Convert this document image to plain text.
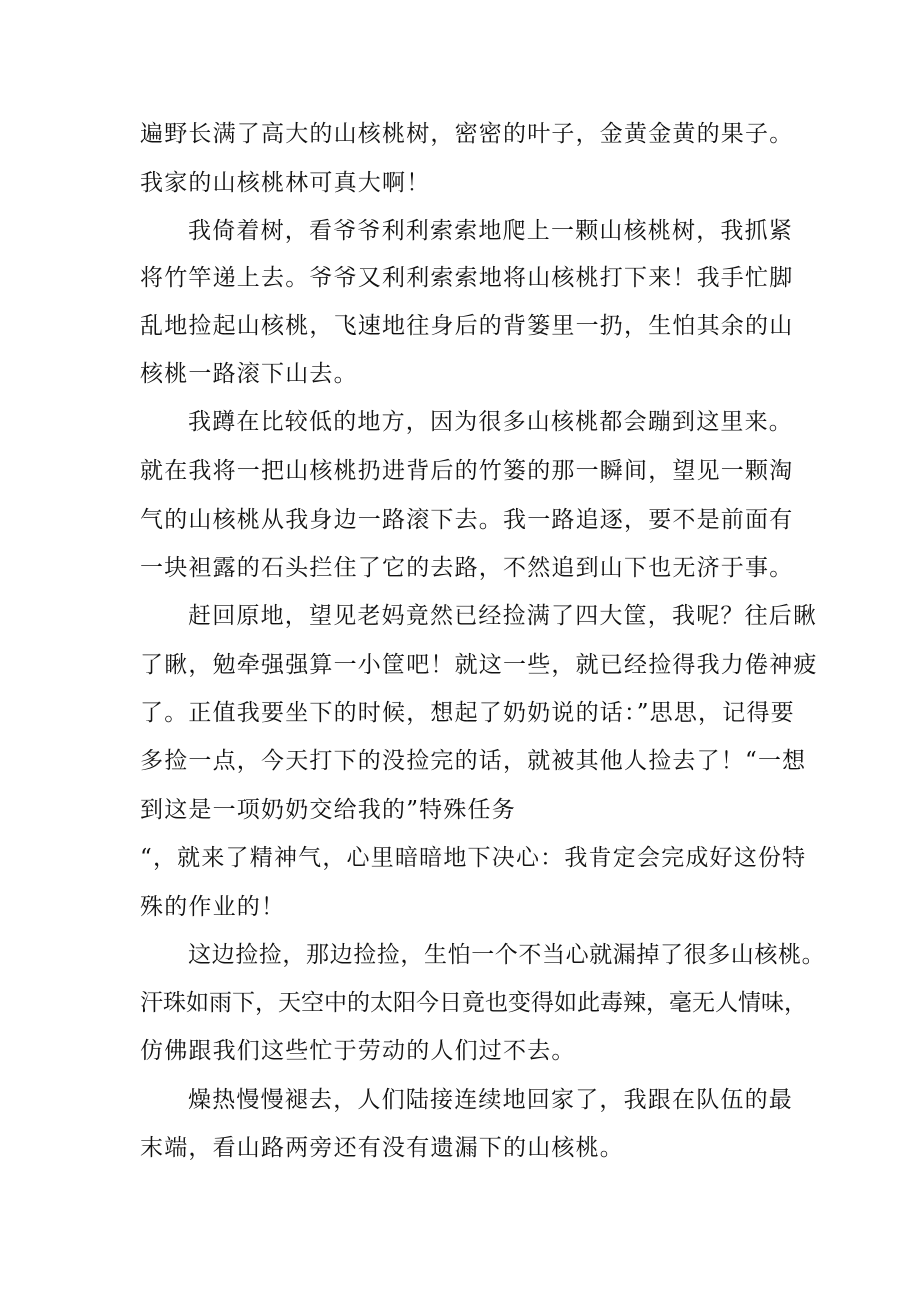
遍野长满了高大的山核桃树，密密的叶子，金黄金黄的果子。
我家的山核桃林可真大啊！
我倚着树，看爷爷利利索索地爬上一颗山核桃树，我抓紧
将竹竿递上去。爷爷又利利索索地将山核桃打下来！我手忙脚
乱地捡起山核桃，飞速地往身后的背篓里一扔，生怕其余的山
核桃一路滚下山去。
我蹲在比较低的地方，因为很多山核桃都会蹦到这里来。
就在我将一把山核桃扔进背后的竹篓的那一瞬间，望见一颗淘
气的山核桃从我身边一路滚下去。我一路追逐，要不是前面有
一块袒露的石头拦住了它的去路，不然追到山下也无济于事。
赶回原地，望见老妈竟然已经捡满了四大筐，我呢？往后瞅
了瞅，勉牵强强算一小筐吧！就这一些，就已经捡得我力倦神疲
了。正值我要坐下的时候，想起了奶奶说的话：”思思，记得要
多捡一点，今天打下的没捡完的话，就被其他人捡去了！“一想
到这是一项奶奶交给我的”特殊任务
“，就来了精神气，心里暗暗地下决心：我肯定会完成好这份特
殊的作业的！
这边捡捡，那边捡捡，生怕一个不当心就漏掉了很多山核桃。
汗珠如雨下，天空中的太阳今日竟也变得如此毒辣，毫无人情味，
仿佛跟我们这些忙于劳动的人们过不去。
燥热慢慢褪去，人们陆接连续地回家了，我跟在队伍的最
末端，看山路两旁还有没有遗漏下的山核桃。
